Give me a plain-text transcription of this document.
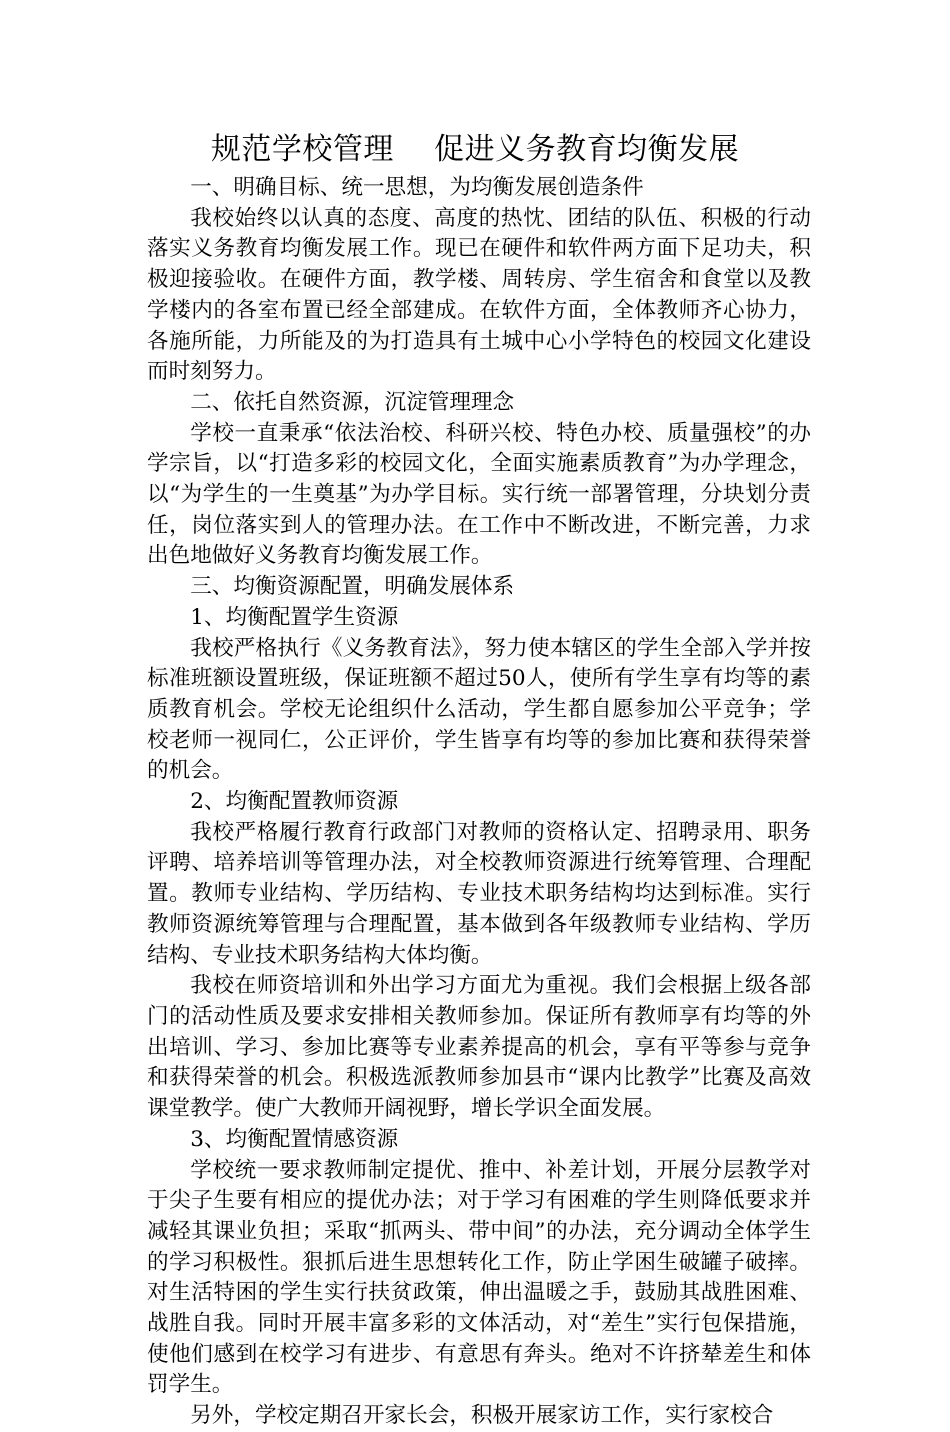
规范学校管理    促进义务教育均衡发展

一、明确目标、统一思想，为均衡发展创造条件

我校始终以认真的态度、高度的热忱、团结的队伍、积极的行动落实义务教育均衡发展工作。现已在硬件和软件两方面下足功夫，积极迎接验收。在硬件方面，教学楼、周转房、学生宿舍和食堂以及教学楼内的各室布置已经全部建成。在软件方面，全体教师齐心协力，各施所能，力所能及的为打造具有土城中心小学特色的校园文化建设而时刻努力。

二、依托自然资源，沉淀管理理念

学校一直秉承“依法治校、科研兴校、特色办校、质量强校”的办学宗旨，以“打造多彩的校园文化，全面实施素质教育”为办学理念，以“为学生的一生奠基”为办学目标。实行统一部署管理，分块划分责任，岗位落实到人的管理办法。在工作中不断改进，不断完善，力求出色地做好义务教育均衡发展工作。

三、均衡资源配置，明确发展体系

1、均衡配置学生资源

我校严格执行《义务教育法》，努力使本辖区的学生全部入学并按标准班额设置班级，保证班额不超过50人，使所有学生享有均等的素质教育机会。学校无论组织什么活动，学生都自愿参加公平竞争；学校老师一视同仁，公正评价，学生皆享有均等的参加比赛和获得荣誉的机会。

2、均衡配置教师资源

我校严格履行教育行政部门对教师的资格认定、招聘录用、职务评聘、培养培训等管理办法，对全校教师资源进行统筹管理、合理配置。教师专业结构、学历结构、专业技术职务结构均达到标准。实行教师资源统筹管理与合理配置，基本做到各年级教师专业结构、学历结构、专业技术职务结构大体均衡。

我校在师资培训和外出学习方面尤为重视。我们会根据上级各部门的活动性质及要求安排相关教师参加。保证所有教师享有均等的外出培训、学习、参加比赛等专业素养提高的机会，享有平等参与竞争和获得荣誉的机会。积极选派教师参加县市“课内比教学”比赛及高效课堂教学。使广大教师开阔视野，增长学识全面发展。

3、均衡配置情感资源

学校统一要求教师制定提优、推中、补差计划，开展分层教学对于尖子生要有相应的提优办法；对于学习有困难的学生则降低要求并减轻其课业负担；采取“抓两头、带中间”的办法，充分调动全体学生的学习积极性。狠抓后进生思想转化工作，防止学困生破罐子破摔。对生活特困的学生实行扶贫政策，伸出温暖之手，鼓励其战胜困难、战胜自我。同时开展丰富多彩的文体活动，对“差生”实行包保措施，使他们感到在校学习有进步、有意思有奔头。绝对不许挤辇差生和体罚学生。

另外，学校定期召开家长会，积极开展家访工作，实行家校合
